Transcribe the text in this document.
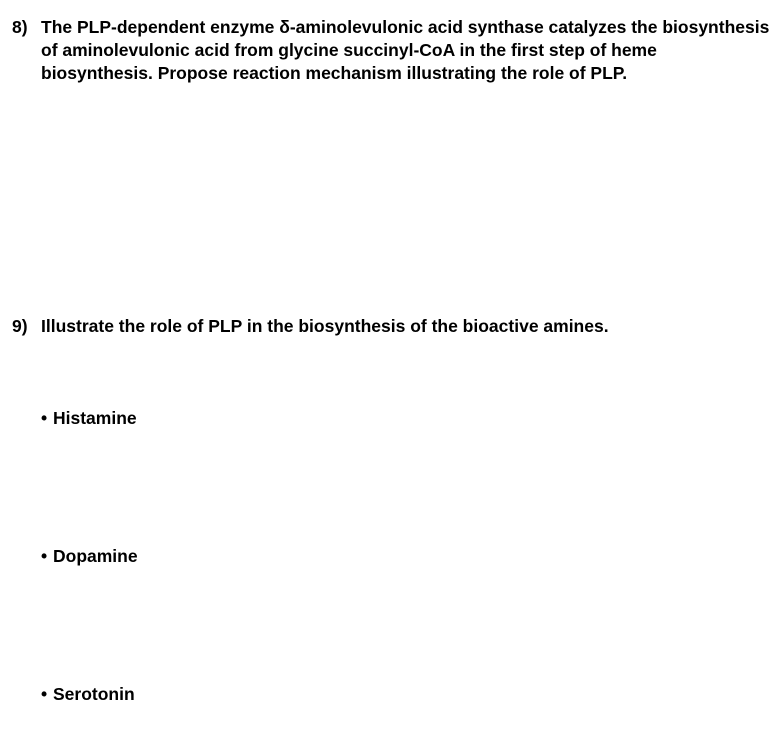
8) The PLP-dependent enzyme δ-aminolevulonic acid synthase catalyzes the biosynthesis of aminolevulonic acid from glycine succinyl-CoA in the first step of heme biosynthesis. Propose reaction mechanism illustrating the role of PLP.
9) Illustrate the role of PLP in the biosynthesis of the bioactive amines.
• Histamine
• Dopamine
• Serotonin
